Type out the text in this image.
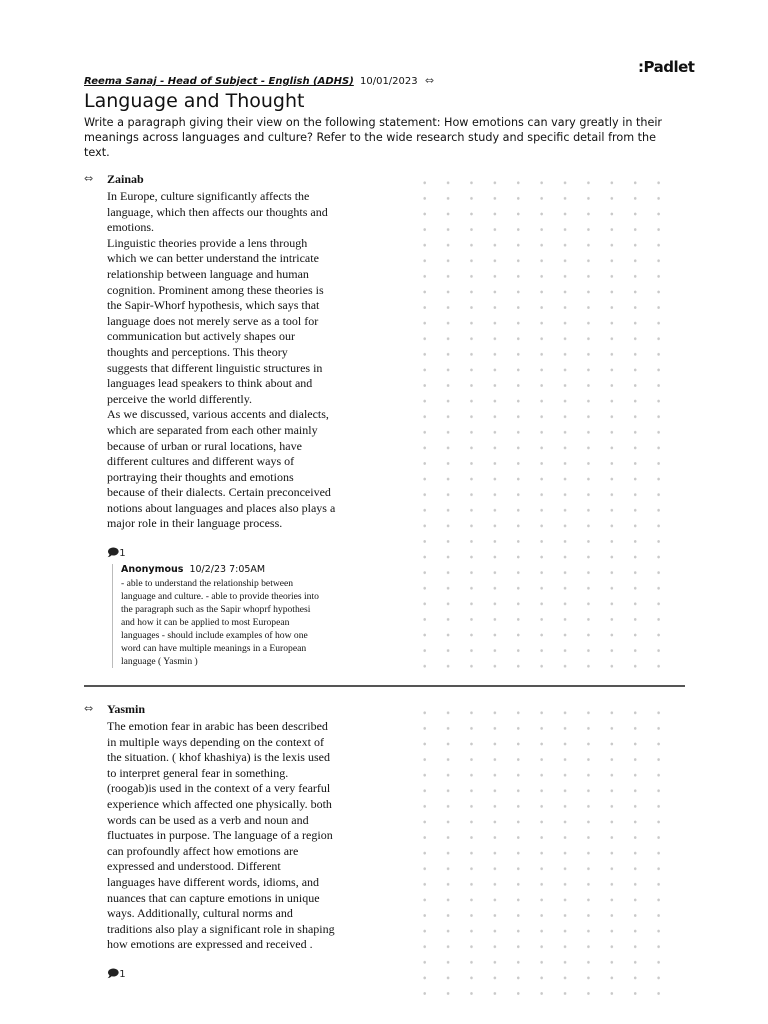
:Padlet
Reema Sanaj - Head of Subject - English (ADHS) 10/01/2023 ⇔
Language and Thought
Write a paragraph giving their view on the following statement: How emotions can vary greatly in their meanings across languages and culture? Refer to the wide research study and specific detail from the text.
⇔ Zainab
In Europe, culture significantly affects the
language, which then affects our thoughts and
emotions.
Linguistic theories provide a lens through
which we can better understand the intricate
relationship between language and human
cognition. Prominent among these theories is
the Sapir-Whorf hypothesis, which says that
language does not merely serve as a tool for
communication but actively shapes our
thoughts and perceptions. This theory
suggests that different linguistic structures in
languages lead speakers to think about and
perceive the world differently.
As we discussed, various accents and dialects,
which are separated from each other mainly
because of urban or rural locations, have
different cultures and different ways of
portraying their thoughts and emotions
because of their dialects. Certain preconceived
notions about languages and places also plays a
major role in their language process.
🗩1
Anonymous 10/2/23 7:05AM
- able to understand the relationship between
language and culture. - able to provide theories into
the paragraph such as the Sapir whoprf hypothesi
and how it can be applied to most European
languages - should include examples of how one
word can have multiple meanings in a European
language ( Yasmin )
⇔ Yasmin
The emotion fear in arabic has been described
in multiple ways depending on the context of
the situation. ( khof khashiya) is the lexis used
to interpret general fear in something.
(roogab)is used in the context of a very fearful
experience which affected one physically. both
words can be used as a verb and noun and
fluctuates in purpose. The language of a region
can profoundly affect how emotions are
expressed and understood. Different
languages have different words, idioms, and
nuances that can capture emotions in unique
ways. Additionally, cultural norms and
traditions also play a significant role in shaping
how emotions are expressed and received .
🗩1
